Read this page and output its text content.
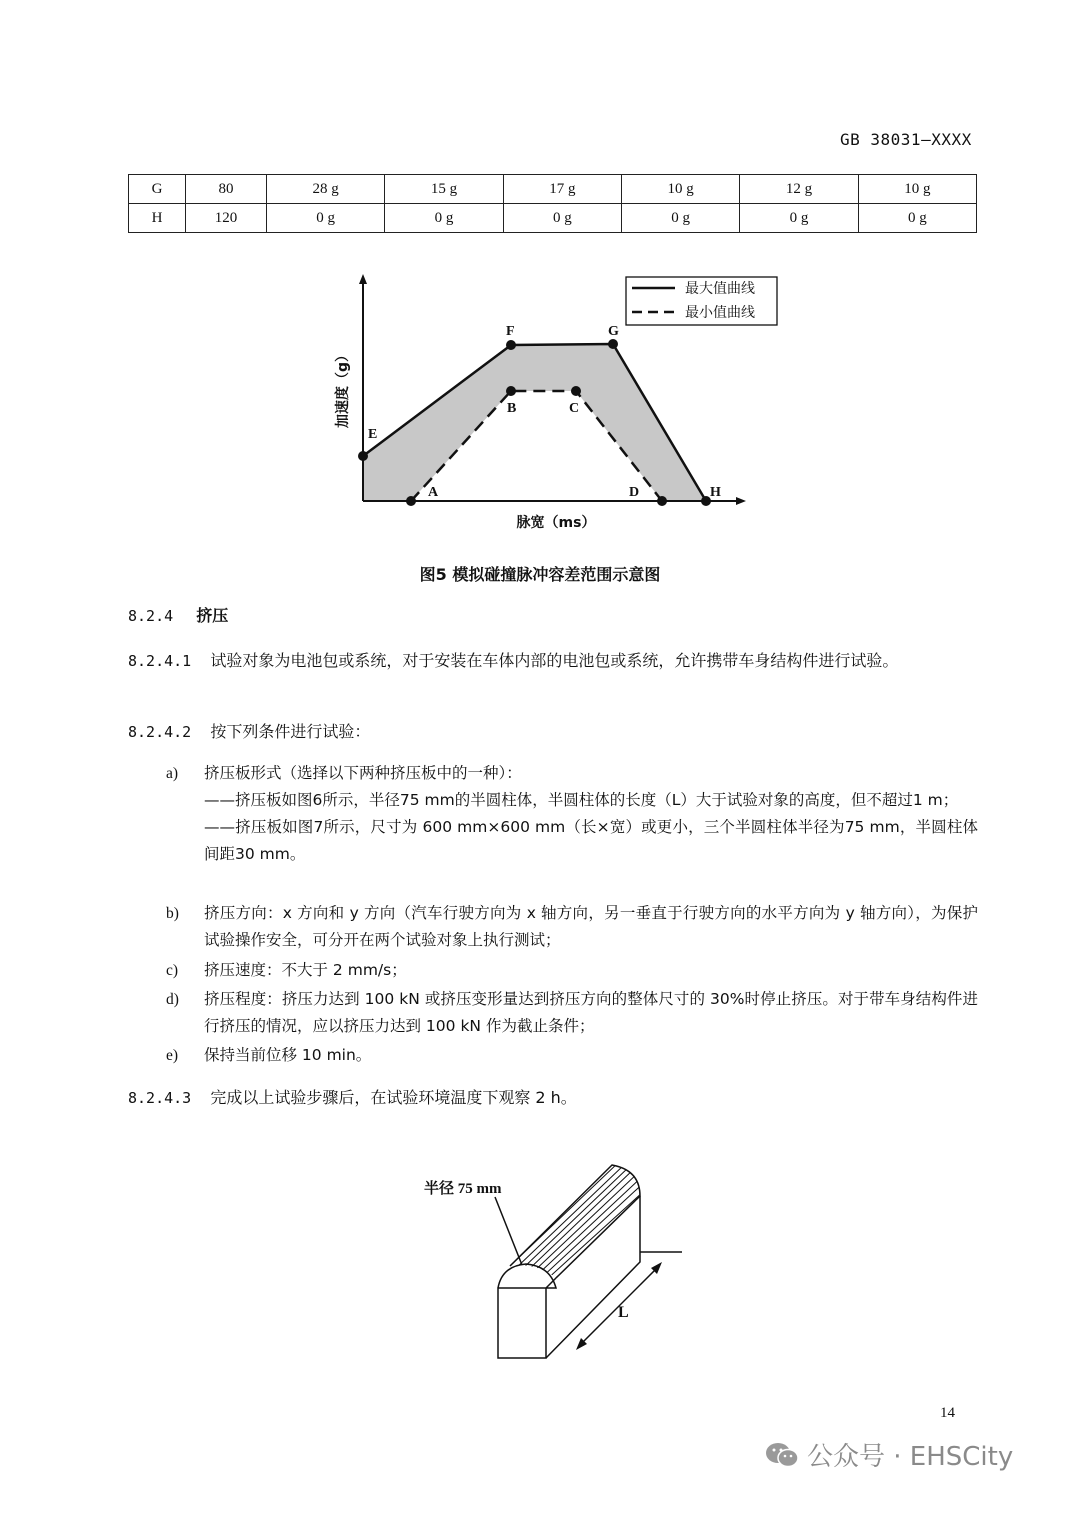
GB 38031—XXXX
G	80	28 g	15 g	17 g	10 g	12 g	10 g
H	120	0 g	0 g	0 g	0 g	0 g	0 g
E
F	G
H
A
B	C
D
加速度（g）
脉宽（ms）
最大值曲线
最小值曲线
图5 模拟碰撞脉冲容差范围示意图
8.2.4 挤压
8.2.4.1 试验对象为电池包或系统，对于安装在车体内部的电池包或系统，允许携带车身结构件进行试验。
8.2.4.2 按下列条件进行试验：
a)	挤压板形式（选择以下两种挤压板中的一种）：
——挤压板如图6所示，半径75 mm的半圆柱体，半圆柱体的长度（L）大于试验对象的高度，但不超过1 m；
——挤压板如图7所示，尺寸为 600 mm×600 mm（长×宽）或更小，三个半圆柱体半径为75 mm，半圆柱体间距30 mm。
b)	挤压方向：x 方向和 y 方向（汽车行驶方向为 x 轴方向，另一垂直于行驶方向的水平方向为 y 轴方向），为保护试验操作安全，可分开在两个试验对象上执行测试；
c)	挤压速度：不大于 2 mm/s；
d)	挤压程度：挤压力达到 100 kN 或挤压变形量达到挤压方向的整体尺寸的 30%时停止挤压。对于带车身结构件进行挤压的情况，应以挤压力达到 100 kN 作为截止条件；
e)	保持当前位移 10 min。
8.2.4.3 完成以上试验步骤后，在试验环境温度下观察 2 h。
半径 75 mm
L
14
公众号 · EHSCity
